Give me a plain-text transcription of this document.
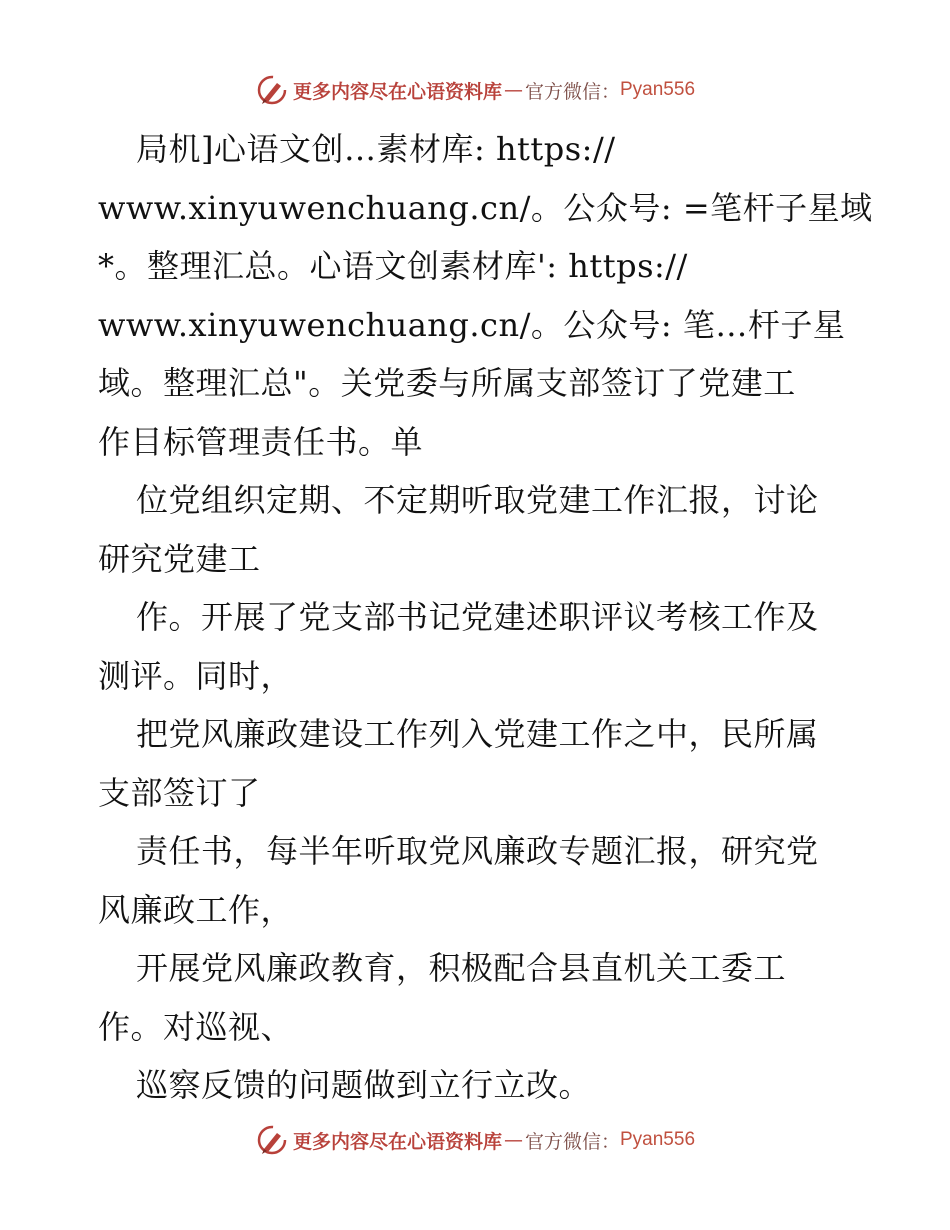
更多内容尽在心语资料库 — 官方微信： Pyan556
局机]心语文创…素材库: https://
www.xinyuwenchuang.cn/。公众号: =笔杆子星域
*。整理汇总。心语文创素材库': https://
www.xinyuwenchuang.cn/。公众号: 笔…杆子星
域。整理汇总"。关党委与所属支部签订了党建工
作目标管理责任书。单
位党组织定期、不定期听取党建工作汇报，讨论
研究党建工
作。开展了党支部书记党建述职评议考核工作及
测评。同时，
把党风廉政建设工作列入党建工作之中，民所属
支部签订了
责任书，每半年听取党风廉政专题汇报，研究党
风廉政工作，
开展党风廉政教育，积极配合县直机关工委工
作。对巡视、
巡察反馈的问题做到立行立改。
更多内容尽在心语资料库 — 官方微信： Pyan556
